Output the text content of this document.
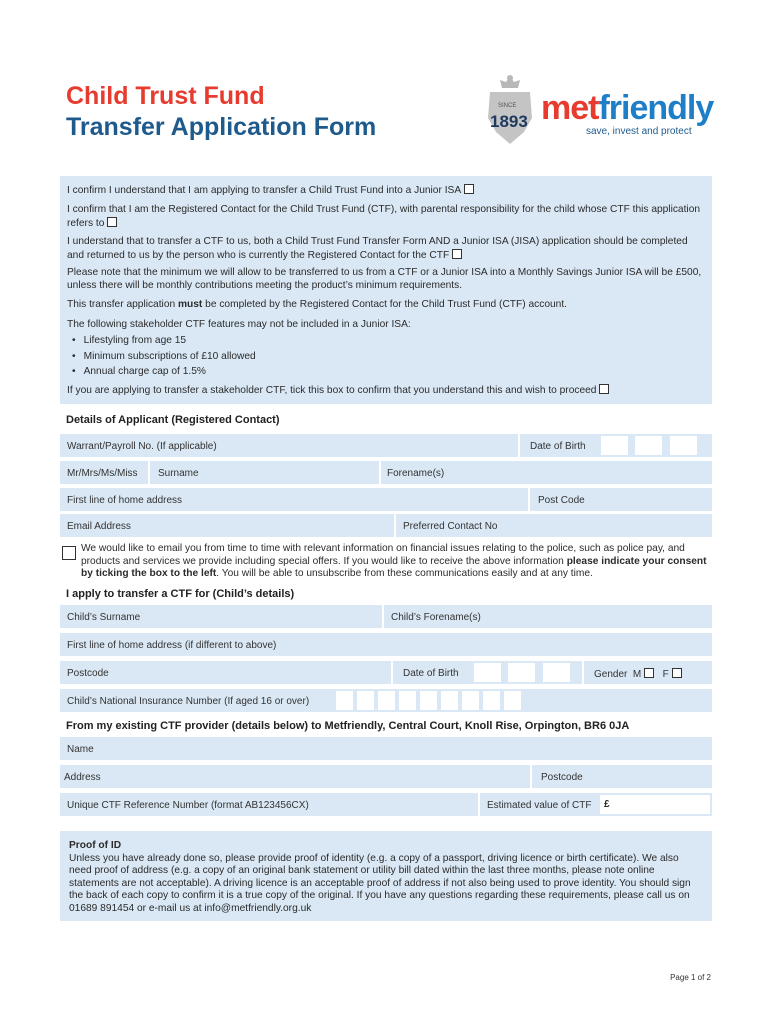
Child Trust Fund
Transfer Application Form
SINCE
1893 metfriendly
save, invest and protect

I confirm I understand that I am applying to transfer a Child Trust Fund into a Junior ISA

I confirm that I am the Registered Contact for the Child Trust Fund (CTF), with parental responsibility for the child whose CTF this application refers to

I understand that to transfer a CTF to us, both a Child Trust Fund Transfer Form AND a Junior ISA (JISA) application should be completed and returned to us by the person who is currently the Registered Contact for the CTF

Please note that the minimum we will allow to be transferred to us from a CTF or a Junior ISA into a Monthly Savings Junior ISA will be £500, unless there will be monthly contributions meeting the product’s minimum requirements.

This transfer application must be completed by the Registered Contact for the Child Trust Fund (CTF) account.

The following stakeholder CTF features may not be included in a Junior ISA:

• Lifestyling from age 15
• Minimum subscriptions of £10 allowed
• Annual charge cap of 1.5%

If you are applying to transfer a stakeholder CTF, tick this box to confirm that you understand this and wish to proceed

Details of Applicant (Registered Contact)
Warrant/Payroll No. (If applicable)	Date of Birth
Mr/Mrs/Ms/Miss Surname	Forename(s)
First line of home address	Post Code
Email Address	Preferred Contact No
We would like to email you from time to time with relevant information on financial issues relating to the police, such as police pay, and products and services we provide including special offers. If you would like to receive the above information please indicate your consent by ticking the box to the left. You will be able to unsubscribe from these communications easily and at any time.
I apply to transfer a CTF for (Child’s details)
Child’s Surname	Child’s Forename(s)
First line of home address (if different to above)
Postcode	Date of Birth	Gender M F
Child’s National Insurance Number (If aged 16 or over)
From my existing CTF provider (details below) to Metfriendly, Central Court, Knoll Rise, Orpington, BR6 0JA
Name
Address	Postcode
Unique CTF Reference Number (format AB123456CX)	Estimated value of CTF £
Proof of ID
Unless you have already done so, please provide proof of identity (e.g. a copy of a passport, driving licence or birth certificate). We also need proof of address (e.g. a copy of an original bank statement or utility bill dated within the last three months, please note online statements are not acceptable). A driving licence is an acceptable proof of address if not also being used to prove identity. You should sign the back of each copy to confirm it is a true copy of the original. If you have any questions regarding these requirements, please call us on 01689 891454 or e-mail us at info@metfriendly.org.uk
Page 1 of 2
